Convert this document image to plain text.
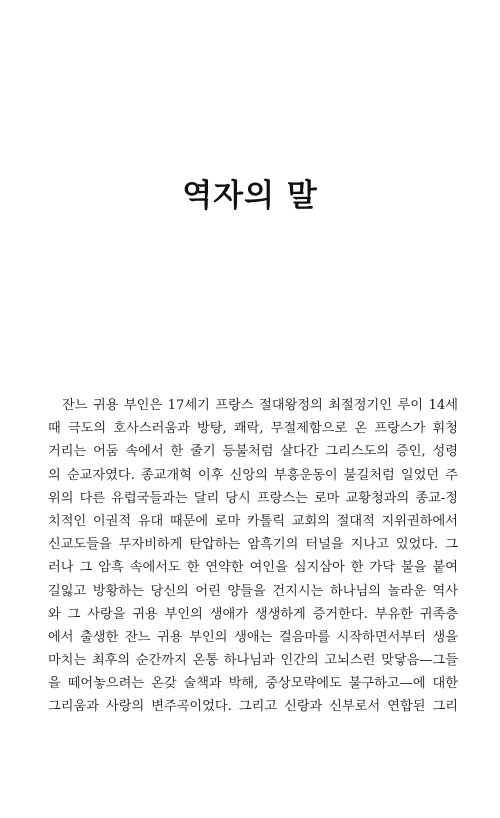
역자의 말
잔느 귀용 부인은 17세기 프랑스 절대왕정의 최절정기인 루이 14세
때 극도의 호사스러움과 방탕, 쾌락, 무절제함으로 온 프랑스가 휘청
거리는 어둠 속에서 한 줄기 등불처럼 살다간 그리스도의 증인, 성령
의 순교자였다. 종교개혁 이후 신앙의 부흥운동이 불길처럼 일었던 주
위의 다른 유럽국들과는 달리 당시 프랑스는 로마 교황청과의 종교-정
치적인 이권적 유대 때문에 로마 카톨릭 교회의 절대적 지위권하에서
신교도들을 무자비하게 탄압하는 암흑기의 터널을 지나고 있었다. 그
러나 그 암흑 속에서도 한 연약한 여인을 심지삼아 한 가닥 불을 붙여
길잃고 방황하는 당신의 어린 양들을 건지시는 하나님의 놀라운 역사
와 그 사랑을 귀용 부인의 생애가 생생하게 증거한다. 부유한 귀족층
에서 출생한 잔느 귀용 부인의 생애는 걸음마를 시작하면서부터 생을
마치는 최후의 순간까지 온통 하나님과 인간의 고뇌스런 맞닿음—그들
을 떼어놓으려는 온갖 술책과 박해, 중상모략에도 불구하고—에 대한
그리움과 사랑의 변주곡이었다. 그리고 신랑과 신부로서 연합된 그리
